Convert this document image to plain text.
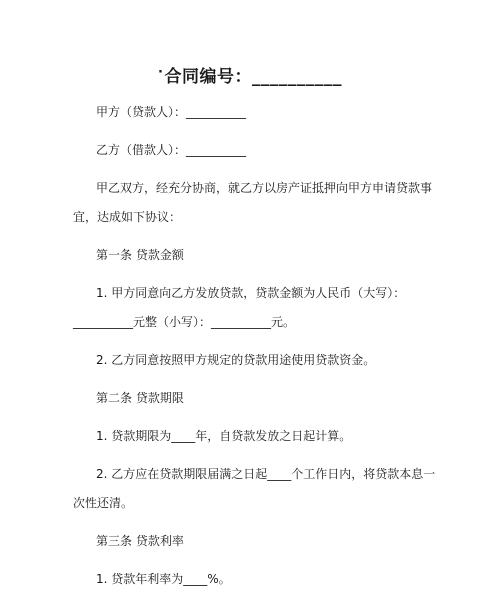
·合同编号：__________
甲方（贷款人）：__________
乙方（借款人）：__________
甲乙双方，经充分协商，就乙方以房产证抵押向甲方申请贷款事
宜，达成如下协议：
第一条 贷款金额
1. 甲方同意向乙方发放贷款，贷款金额为人民币（大写）：
__________元整（小写）：__________元。
2. 乙方同意按照甲方规定的贷款用途使用贷款资金。
第二条 贷款期限
1. 贷款期限为____年，自贷款发放之日起计算。
2. 乙方应在贷款期限届满之日起____个工作日内，将贷款本息一
次性还清。
第三条 贷款利率
1. 贷款年利率为____%。
